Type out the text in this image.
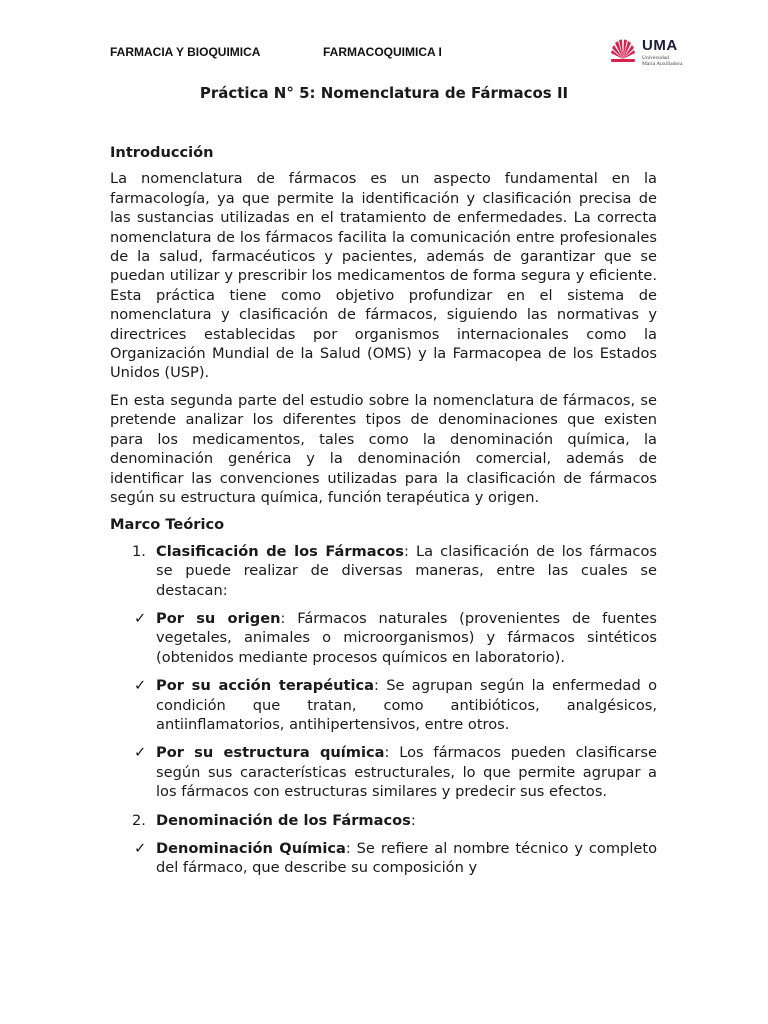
FARMACIA Y BIOQUIMICA	FARMACOQUIMICA I	UMA
Universidad
María Auxiliadora
Práctica N° 5: Nomenclatura de Fármacos II
Introducción

La nomenclatura de fármacos es un aspecto fundamental en la farmacología, ya que permite la identificación y clasificación precisa de las sustancias utilizadas en el tratamiento de enfermedades. La correcta nomenclatura de los fármacos facilita la comunicación entre profesionales de la salud, farmacéuticos y pacientes, además de garantizar que se puedan utilizar y prescribir los medicamentos de forma segura y eficiente. Esta práctica tiene como objetivo profundizar en el sistema de nomenclatura y clasificación de fármacos, siguiendo las normativas y directrices establecidas por organismos internacionales como la Organización Mundial de la Salud (OMS) y la Farmacopea de los Estados Unidos (USP).

En esta segunda parte del estudio sobre la nomenclatura de fármacos, se pretende analizar los diferentes tipos de denominaciones que existen para los medicamentos, tales como la denominación química, la denominación genérica y la denominación comercial, además de identificar las convenciones utilizadas para la clasificación de fármacos según su estructura química, función terapéutica y origen.

Marco Teórico
1. Clasificación de los Fármacos: La clasificación de los fármacos se puede realizar de diversas maneras, entre las cuales se destacan:
✓ Por su origen: Fármacos naturales (provenientes de fuentes vegetales, animales o microorganismos) y fármacos sintéticos (obtenidos mediante procesos químicos en laboratorio).
✓ Por su acción terapéutica: Se agrupan según la enfermedad o condición que tratan, como antibióticos, analgésicos, antiinflamatorios, antihipertensivos, entre otros.
✓ Por su estructura química: Los fármacos pueden clasificarse según sus características estructurales, lo que permite agrupar a los fármacos con estructuras similares y predecir sus efectos.
2. Denominación de los Fármacos:
✓ Denominación Química: Se refiere al nombre técnico y completo del fármaco, que describe su composición y
